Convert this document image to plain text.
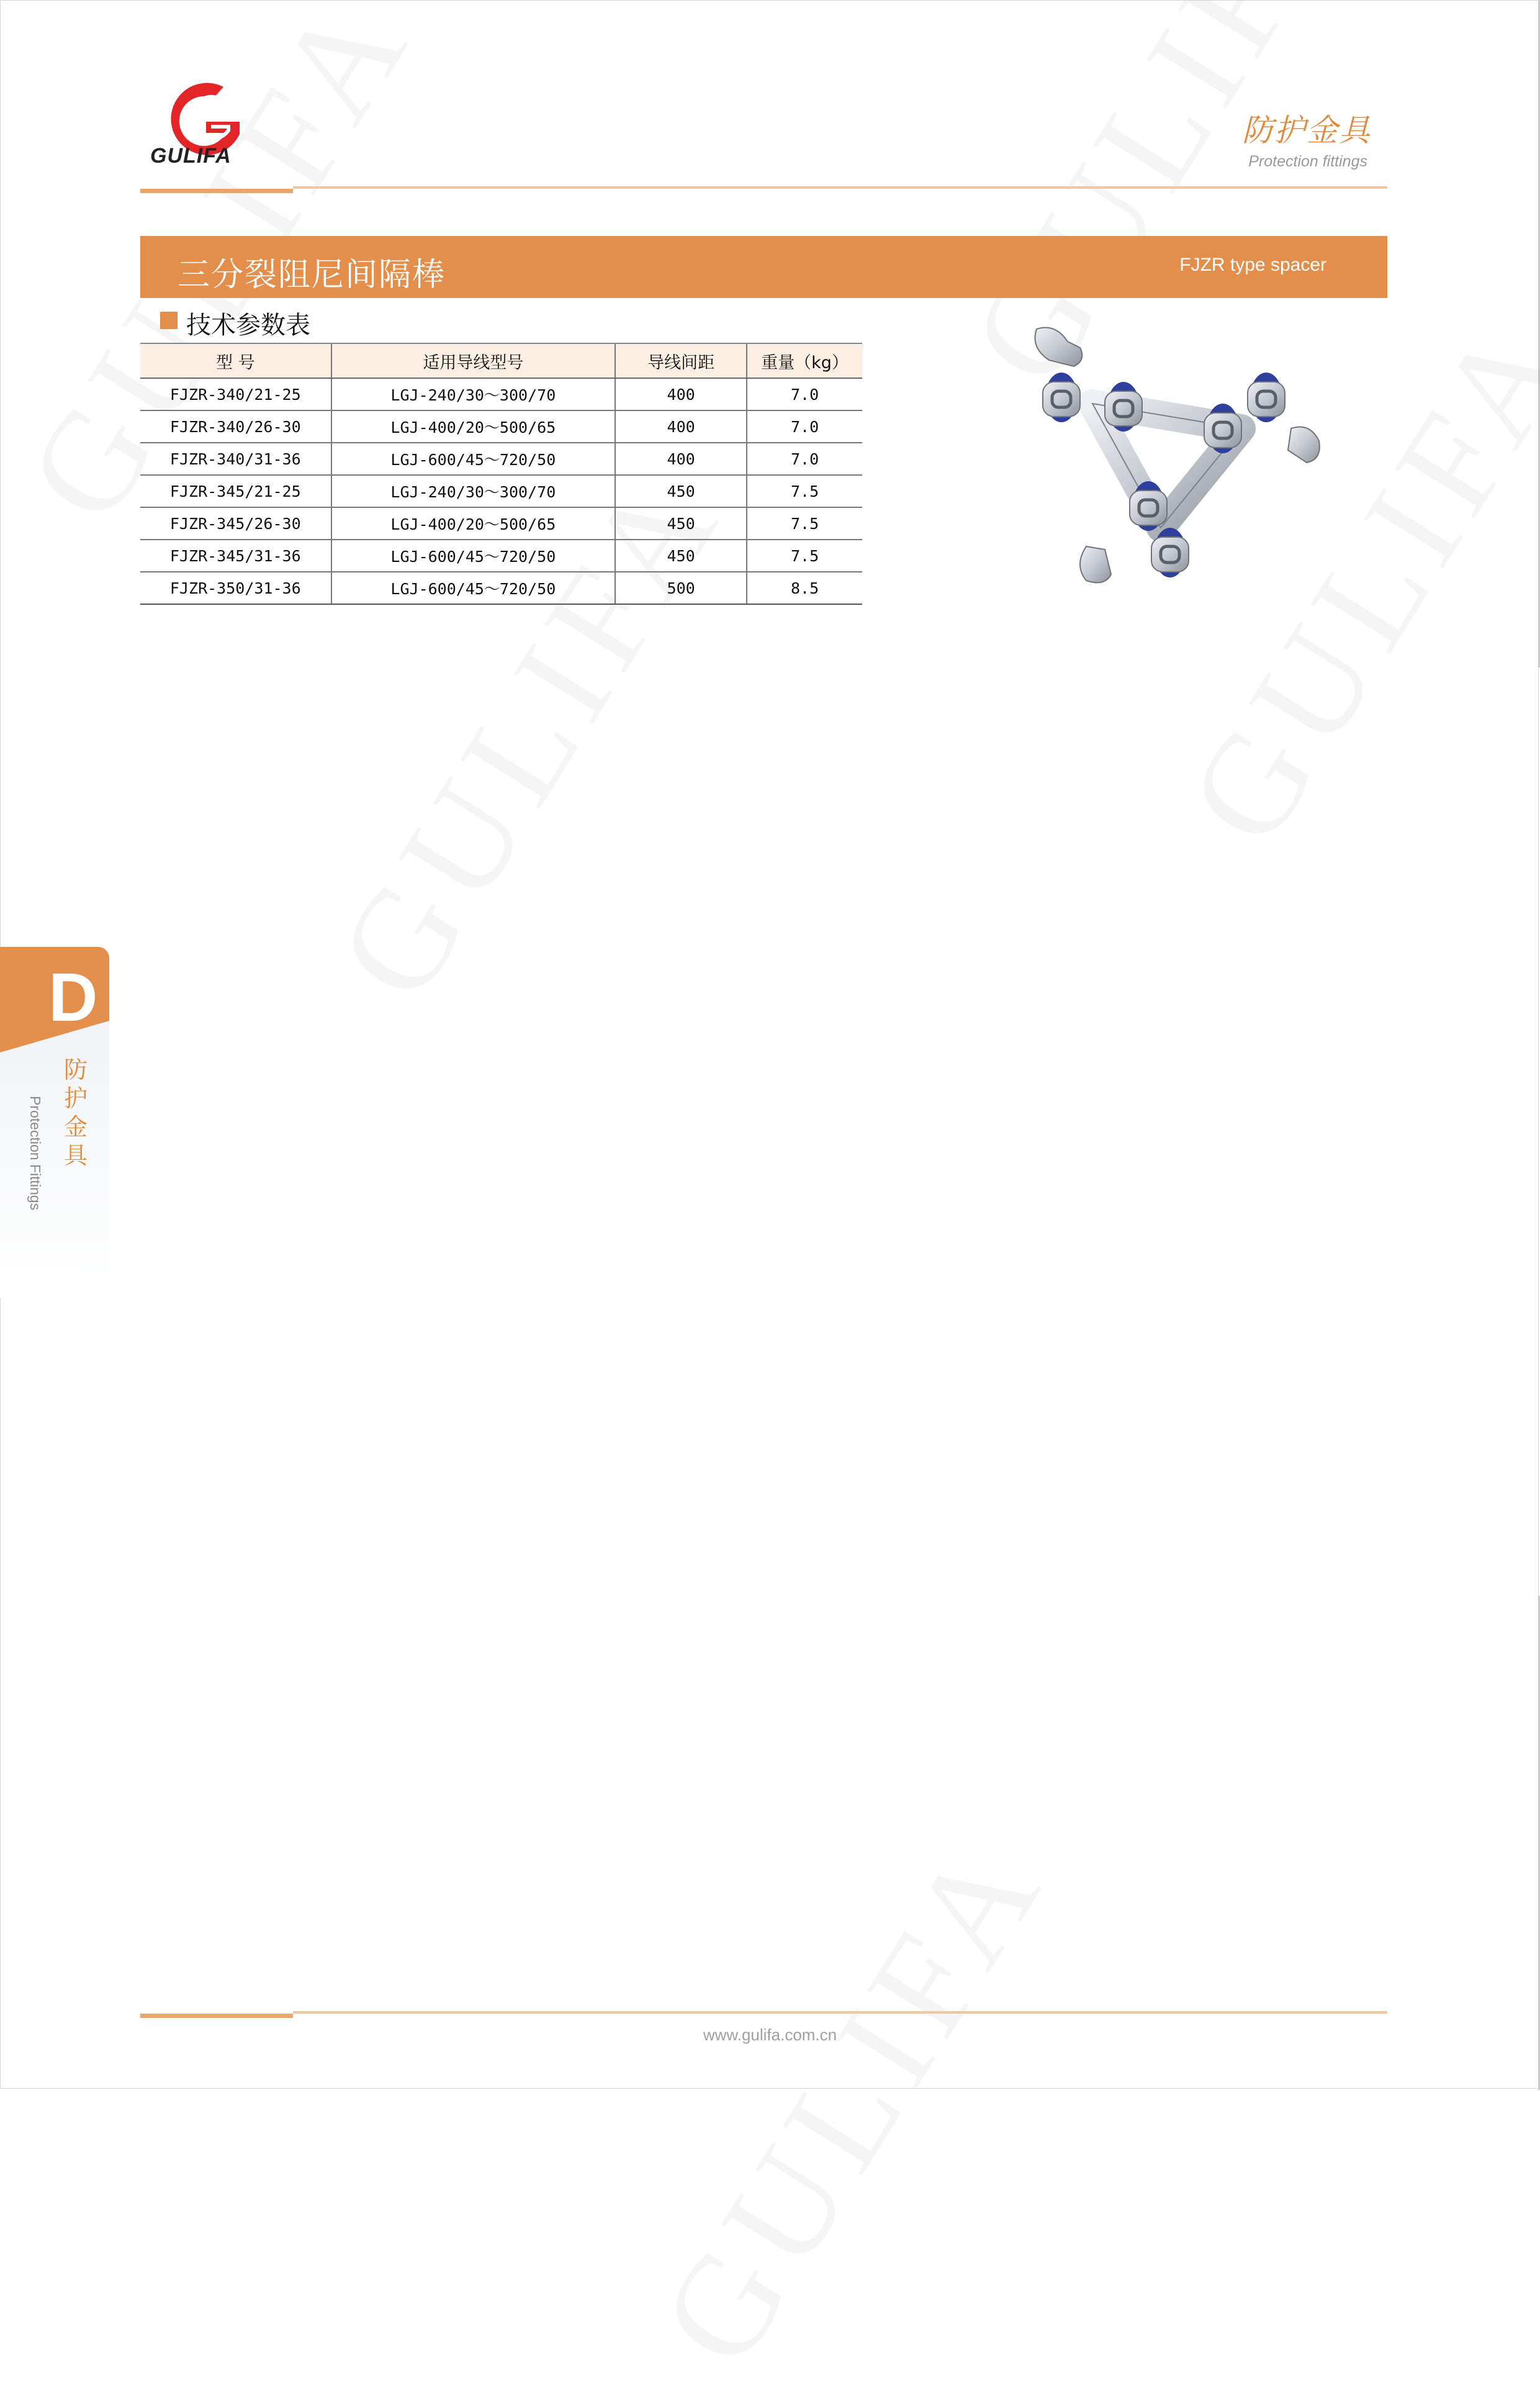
GULIFA
防护金具
Protection fittings
三分裂阻尼间隔棒	FJZR type spacer
技术参数表
型 号	适用导线型号	导线间距	重量（kg）
FJZR-340/21-25	LGJ-240/30～300/70	400	7.0
FJZR-340/26-30	LGJ-400/20～500/65	400	7.0
FJZR-340/31-36	LGJ-600/45～720/50	400	7.0
FJZR-345/21-25	LGJ-240/30～300/70	450	7.5
FJZR-345/26-30	LGJ-400/20～500/65	450	7.5
FJZR-345/31-36	LGJ-600/45～720/50	450	7.5
FJZR-350/31-36	LGJ-600/45～720/50	500	8.5
D
防护金具
Protection Fittings
www.gulifa.com.cn
